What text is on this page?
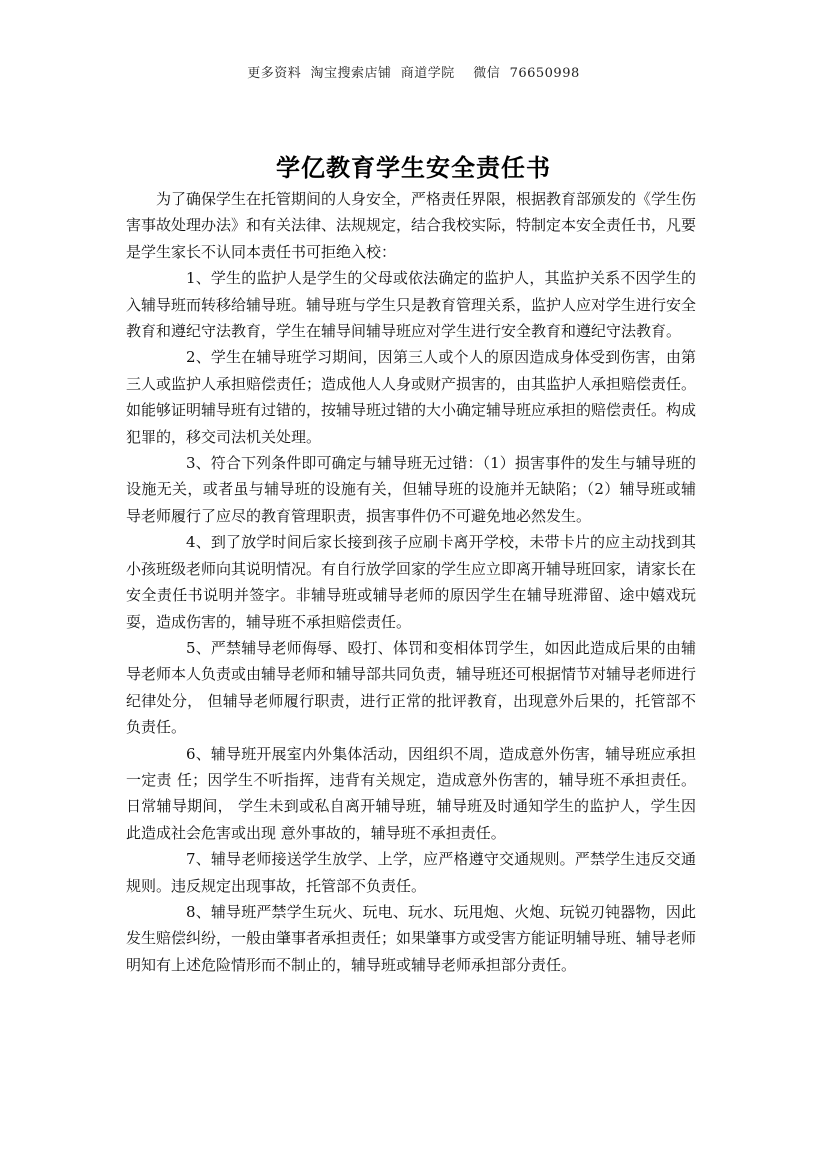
更多资料  淘宝搜索店铺  商道学院    微信  76650998
学亿教育学生安全责任书

为了确保学生在托管期间的人身安全，严格责任界限，根据教育部颁发的《学生伤害事故处理办法》和有关法律、法规规定，结合我校实际，特制定本安全责任书，凡要是学生家长不认同本责任书可拒绝入校：

1、学生的监护人是学生的父母或依法确定的监护人，其监护关系不因学生的入辅导班而转移给辅导班。辅导班与学生只是教育管理关系，监护人应对学生进行安全教育和遵纪守法教育，学生在辅导间辅导班应对学生进行安全教育和遵纪守法教育。

2、学生在辅导班学习期间，因第三人或个人的原因造成身体受到伤害，由第三人或监护人承担赔偿责任；造成他人人身或财产损害的，由其监护人承担赔偿责任。如能够证明辅导班有过错的，按辅导班过错的大小确定辅导班应承担的赔偿责任。构成犯罪的，移交司法机关处理。

3、符合下列条件即可确定与辅导班无过错：（1）损害事件的发生与辅导班的设施无关，或者虽与辅导班的设施有关，但辅导班的设施并无缺陷；（2）辅导班或辅导老师履行了应尽的教育管理职责，损害事件仍不可避免地必然发生。

4、到了放学时间后家长接到孩子应刷卡离开学校，未带卡片的应主动找到其小孩班级老师向其说明情况。有自行放学回家的学生应立即离开辅导班回家，请家长在安全责任书说明并签字。非辅导班或辅导老师的原因学生在辅导班滞留、途中嬉戏玩耍，造成伤害的，辅导班不承担赔偿责任。

5、严禁辅导老师侮辱、殴打、体罚和变相体罚学生，如因此造成后果的由辅导老师本人负责或由辅导老师和辅导部共同负责，辅导班还可根据情节对辅导老师进行纪律处分， 但辅导老师履行职责，进行正常的批评教育，出现意外后果的，托管部不负责任。

6、辅导班开展室内外集体活动，因组织不周，造成意外伤害，辅导班应承担一定责 任；因学生不听指挥，违背有关规定，造成意外伤害的，辅导班不承担责任。日常辅导期间， 学生未到或私自离开辅导班，辅导班及时通知学生的监护人，学生因此造成社会危害或出现 意外事故的，辅导班不承担责任。

7、辅导老师接送学生放学、上学，应严格遵守交通规则。严禁学生违反交通规则。违反规定出现事故，托管部不负责任。

8、辅导班严禁学生玩火、玩电、玩水、玩甩炮、火炮、玩锐刃钝器物，因此发生赔偿纠纷，一般由肇事者承担责任；如果肇事方或受害方能证明辅导班、辅导老师明知有上述危险情形而不制止的，辅导班或辅导老师承担部分责任。
